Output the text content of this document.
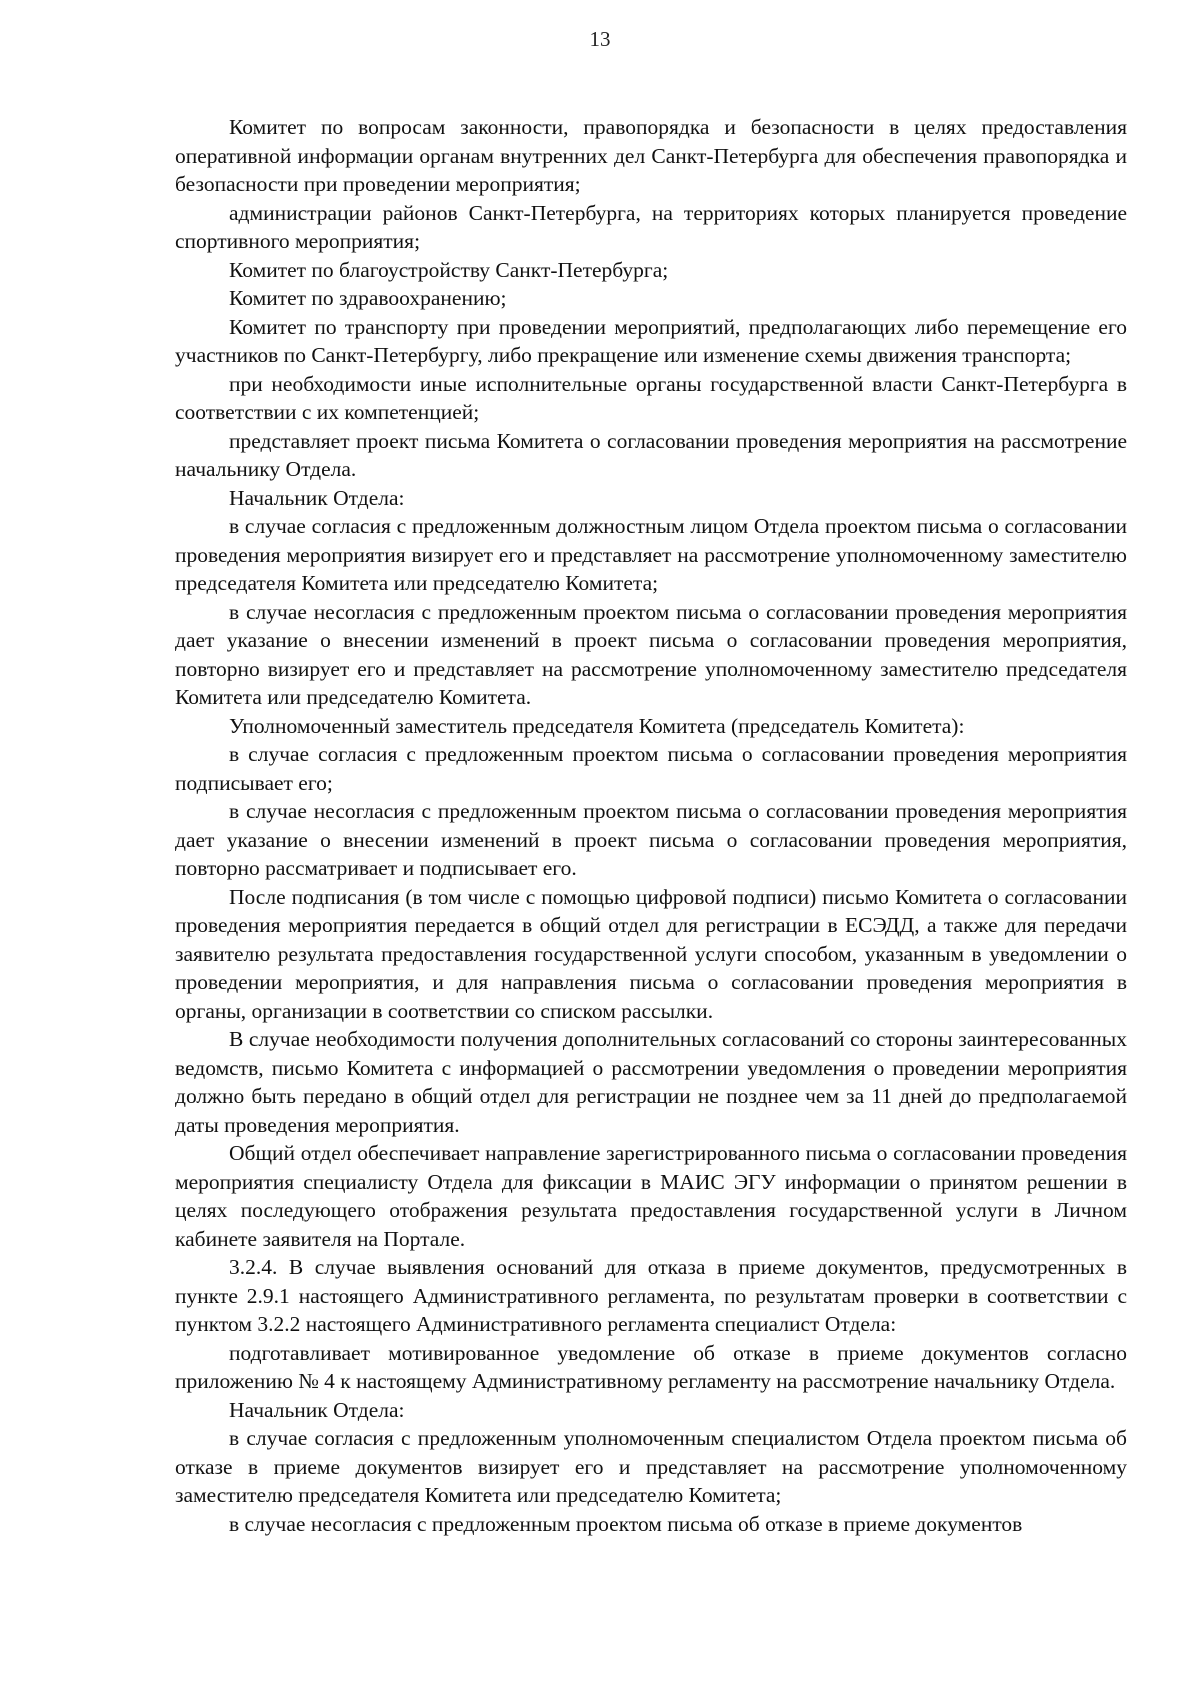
13

Комитет по вопросам законности, правопорядка и безопасности в целях предоставления оперативной информации органам внутренних дел Санкт-Петербурга для обеспечения правопорядка и безопасности при проведении мероприятия;

администрации районов Санкт-Петербурга, на территориях которых планируется проведение спортивного мероприятия;

Комитет по благоустройству Санкт-Петербурга;

Комитет по здравоохранению;

Комитет по транспорту при проведении мероприятий, предполагающих либо перемещение его участников по Санкт-Петербургу, либо прекращение или изменение схемы движения транспорта;

при необходимости иные исполнительные органы государственной власти Санкт-Петербурга в соответствии с их компетенцией;

представляет проект письма Комитета о согласовании проведения мероприятия на рассмотрение начальнику Отдела.

Начальник Отдела:

в случае согласия с предложенным должностным лицом Отдела проектом письма о согласовании проведения мероприятия визирует его и представляет на рассмотрение уполномоченному заместителю председателя Комитета или председателю Комитета;

в случае несогласия с предложенным проектом письма о согласовании проведения мероприятия дает указание о внесении изменений в проект письма о согласовании проведения мероприятия, повторно визирует его и представляет на рассмотрение уполномоченному заместителю председателя Комитета или председателю Комитета.

Уполномоченный заместитель председателя Комитета (председатель Комитета):

в случае согласия с предложенным проектом письма о согласовании проведения мероприятия подписывает его;

в случае несогласия с предложенным проектом письма о согласовании проведения мероприятия дает указание о внесении изменений в проект письма о согласовании проведения мероприятия, повторно рассматривает и подписывает его.

После подписания (в том числе с помощью цифровой подписи) письмо Комитета о согласовании проведения мероприятия передается в общий отдел для регистрации в ЕСЭДД, а также для передачи заявителю результата предоставления государственной услуги способом, указанным в уведомлении о проведении мероприятия, и для направления письма о согласовании проведения мероприятия в органы, организации в соответствии со списком рассылки.

В случае необходимости получения дополнительных согласований со стороны заинтересованных ведомств, письмо Комитета с информацией о рассмотрении уведомления о проведении мероприятия должно быть передано в общий отдел для регистрации не позднее чем за 11 дней до предполагаемой даты проведения мероприятия.

Общий отдел обеспечивает направление зарегистрированного письма о согласовании проведения мероприятия специалисту Отдела для фиксации в МАИС ЭГУ информации о принятом решении в целях последующего отображения результата предоставления государственной услуги в Личном кабинете заявителя на Портале.

3.2.4. В случае выявления оснований для отказа в приеме документов, предусмотренных в пункте 2.9.1 настоящего Административного регламента, по результатам проверки в соответствии с пунктом 3.2.2 настоящего Административного регламента специалист Отдела:

подготавливает мотивированное уведомление об отказе в приеме документов согласно приложению № 4 к настоящему Административному регламенту на рассмотрение начальнику Отдела.

Начальник Отдела:

в случае согласия с предложенным уполномоченным специалистом Отдела проектом письма об отказе в приеме документов визирует его и представляет на рассмотрение уполномоченному заместителю председателя Комитета или председателю Комитета;

в случае несогласия с предложенным проектом письма об отказе в приеме документов
